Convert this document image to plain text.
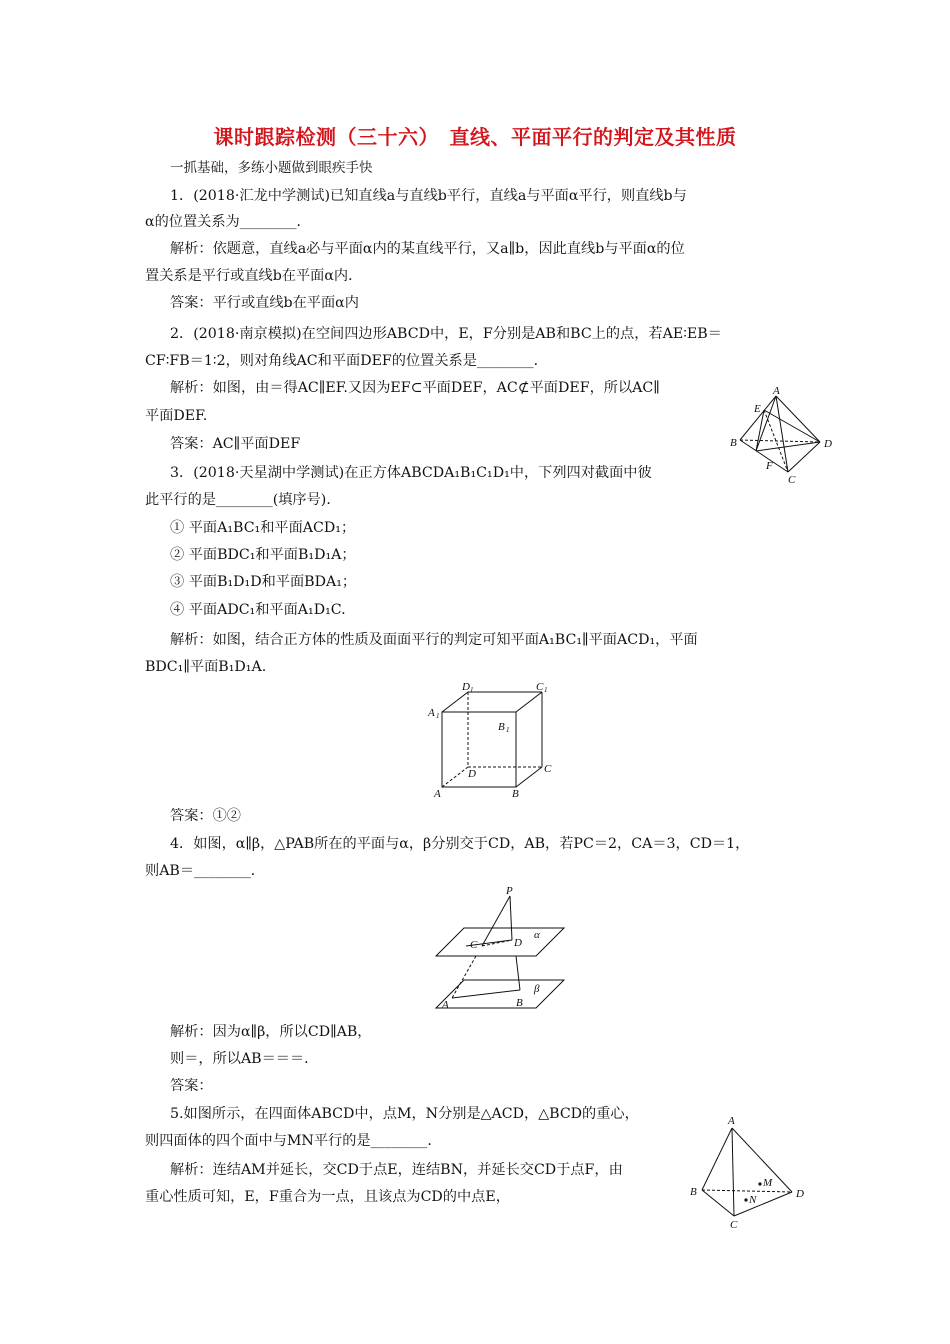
课时跟踪检测（三十六）　直线、平面平行的判定及其性质
一抓基础，多练小题做到眼疾手快
1．(2018·汇龙中学测试)已知直线a与直线b平行，直线a与平面α平行，则直线b与
α的位置关系为________．
解析：依题意，直线a必与平面α内的某直线平行，又a∥b，因此直线b与平面α的位
置关系是平行或直线b在平面α内．
答案：平行或直线b在平面α内
2．(2018·南京模拟)在空间四边形ABCD中，E，F分别是AB和BC上的点，若AE∶EB＝
CF∶FB＝1∶2，则对角线AC和平面DEF的位置关系是________．
解析：如图，由＝得AC∥EF.又因为EF⊂平面DEF，AC⊄平面DEF，所以AC∥
平面DEF.
答案：AC∥平面DEF
A
B
C
D
E
F
3．(2018·天星湖中学测试)在正方体ABCDA₁B₁C₁D₁中，下列四对截面中彼
此平行的是________(填序号)．
① 平面A₁BC₁和平面ACD₁；
② 平面BDC₁和平面B₁D₁A；
③ 平面B₁D₁D和平面BDA₁；
④ 平面ADC₁和平面A₁D₁C.
解析：如图，结合正方体的性质及面面平行的判定可知平面A₁BC₁∥平面ACD₁，平面
BDC₁∥平面B₁D₁A.
D 1	C 1
A 1
B 1
D	C
A	B
答案：①②
4．如图，α∥β，△PAB所在的平面与α，β分别交于CD，AB，若PC＝2，CA＝3，CD＝1，
则AB＝________．
P
C	D
α
A	B
β
解析：因为α∥β，所以CD∥AB，
则＝，所以AB＝＝＝．
答案：
5.如图所示，在四面体ABCD中，点M，N分别是△ACD，△BCD的重心，
则四面体的四个面中与MN平行的是________．
解析：连结AM并延长，交CD于点E，连结BN，并延长交CD于点F，由
重心性质可知，E，F重合为一点，且该点为CD的中点E，
A
B
C
D
M
N
